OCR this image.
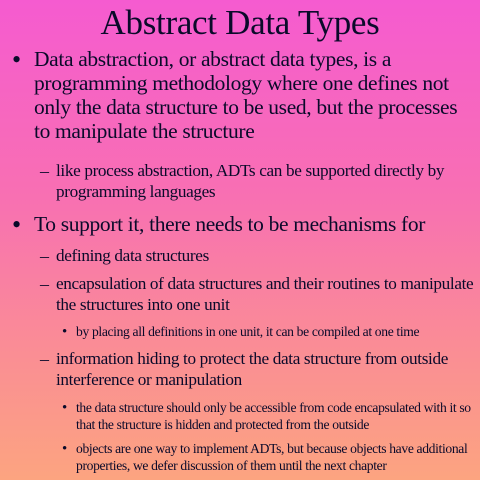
Abstract Data Types
• Data abstraction, or abstract data types, is a programming methodology where one defines not only the data structure to be used, but the processes to manipulate the structure
– like process abstraction, ADTs can be supported directly by programming languages
• To support it, there needs to be mechanisms for
– defining data structures
– encapsulation of data structures and their routines to manipulate the structures into one unit
• by placing all definitions in one unit, it can be compiled at one time
– information hiding to protect the data structure from outside interference or manipulation
• the data structure should only be accessible from code encapsulated with it so that the structure is hidden and protected from the outside
• objects are one way to implement ADTs, but because objects have additional properties, we defer discussion of them until the next chapter
